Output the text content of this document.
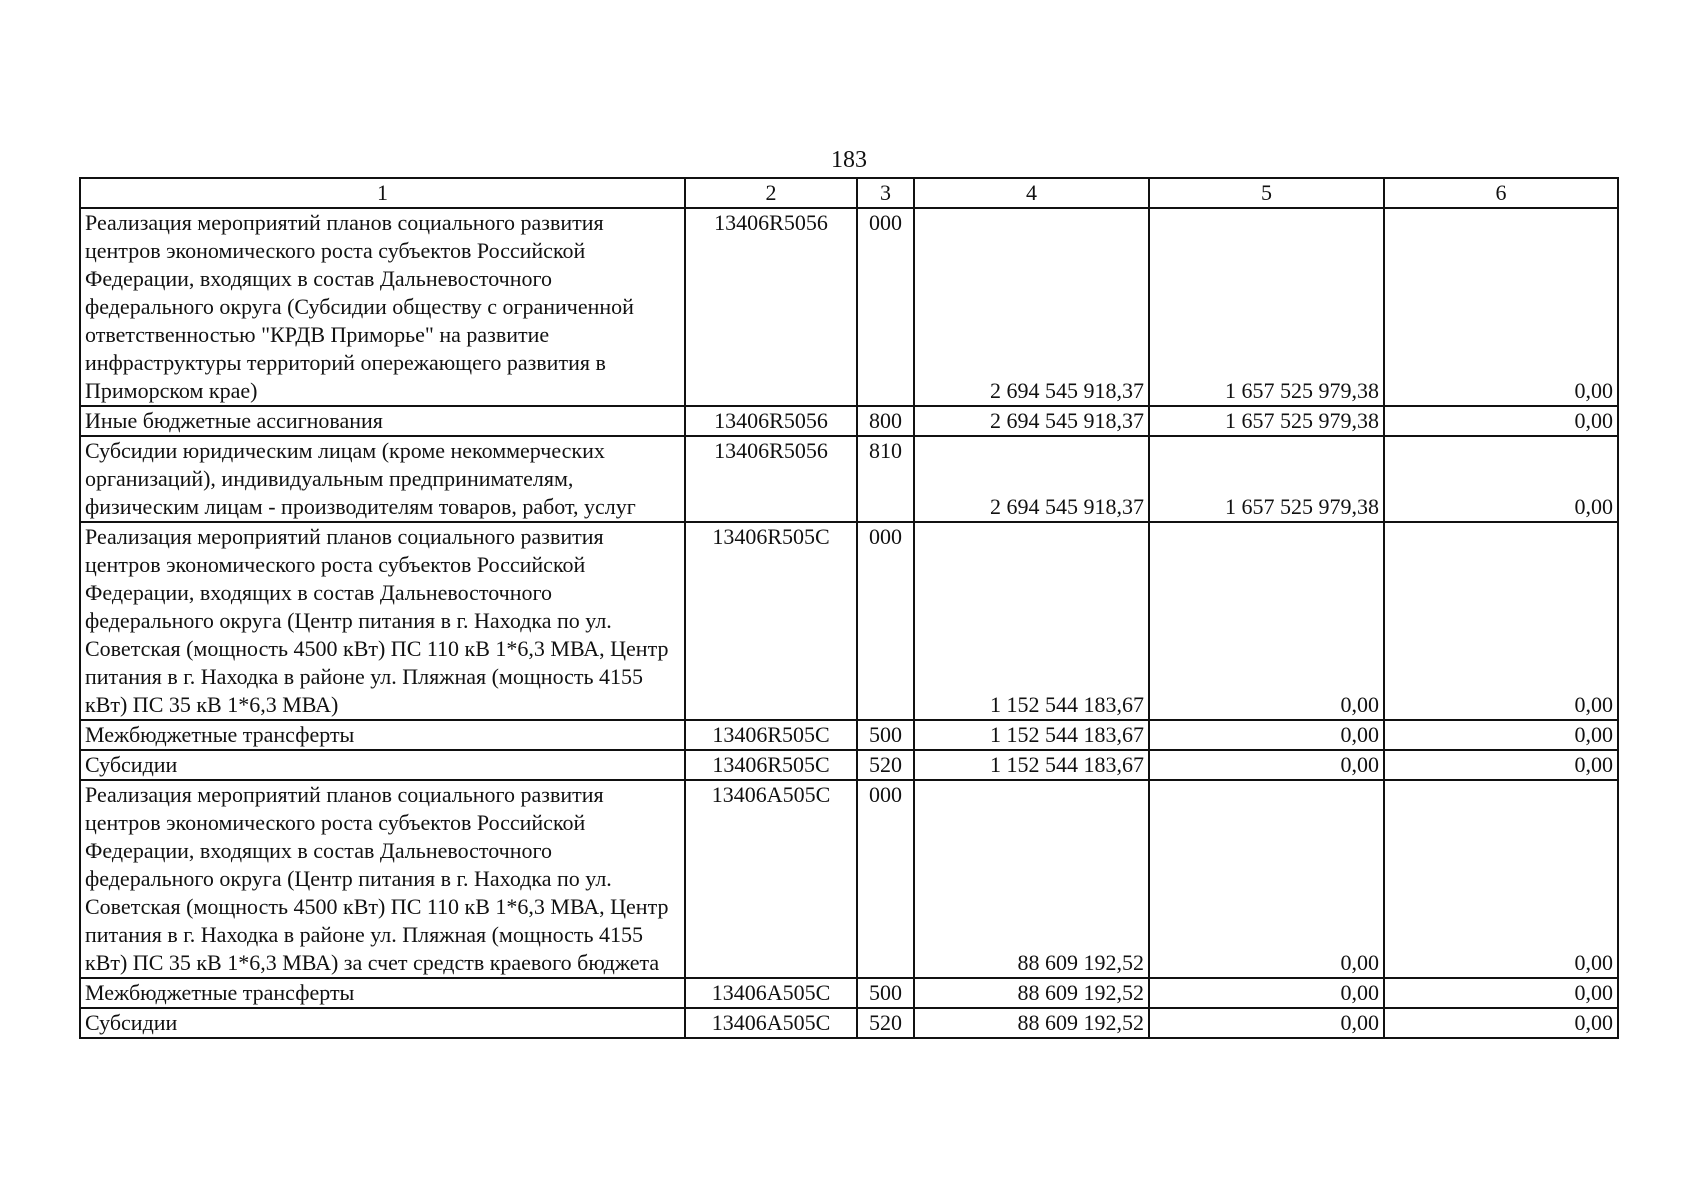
183
1	2	3	4	5	6
Реализация мероприятий планов социального развития центров экономического роста субъектов Российской Федерации, входящих в состав Дальневосточного федерального округа (Субсидии обществу с ограниченной ответственностью "КРДВ Приморье" на развитие инфраструктуры территорий опережающего развития в Приморском крае)	13406R5056	000	2 694 545 918,37	1 657 525 979,38	0,00
Иные бюджетные ассигнования	13406R5056	800	2 694 545 918,37	1 657 525 979,38	0,00
Субсидии юридическим лицам (кроме некоммерческих организаций), индивидуальным предпринимателям, физическим лицам - производителям товаров, работ, услуг	13406R5056	810	2 694 545 918,37	1 657 525 979,38	0,00
Реализация мероприятий планов социального развития центров экономического роста субъектов Российской Федерации, входящих в состав Дальневосточного федерального округа (Центр питания в г. Находка по ул. Советская (мощность 4500 кВт) ПС 110 кВ 1*6,3 МВА, Центр питания в г. Находка в районе ул. Пляжная (мощность 4155 кВт) ПС 35 кВ 1*6,3 МВА)	13406R505C	000	1 152 544 183,67	0,00	0,00
Межбюджетные трансферты	13406R505C	500	1 152 544 183,67	0,00	0,00
Субсидии	13406R505C	520	1 152 544 183,67	0,00	0,00
Реализация мероприятий планов социального развития центров экономического роста субъектов Российской Федерации, входящих в состав Дальневосточного федерального округа (Центр питания в г. Находка по ул. Советская (мощность 4500 кВт) ПС 110 кВ 1*6,3 МВА, Центр питания в г. Находка в районе ул. Пляжная (мощность 4155 кВт) ПС 35 кВ 1*6,3 МВА) за счет средств краевого бюджета	13406A505C	000	88 609 192,52	0,00	0,00
Межбюджетные трансферты	13406A505C	500	88 609 192,52	0,00	0,00
Субсидии	13406A505C	520	88 609 192,52	0,00	0,00
